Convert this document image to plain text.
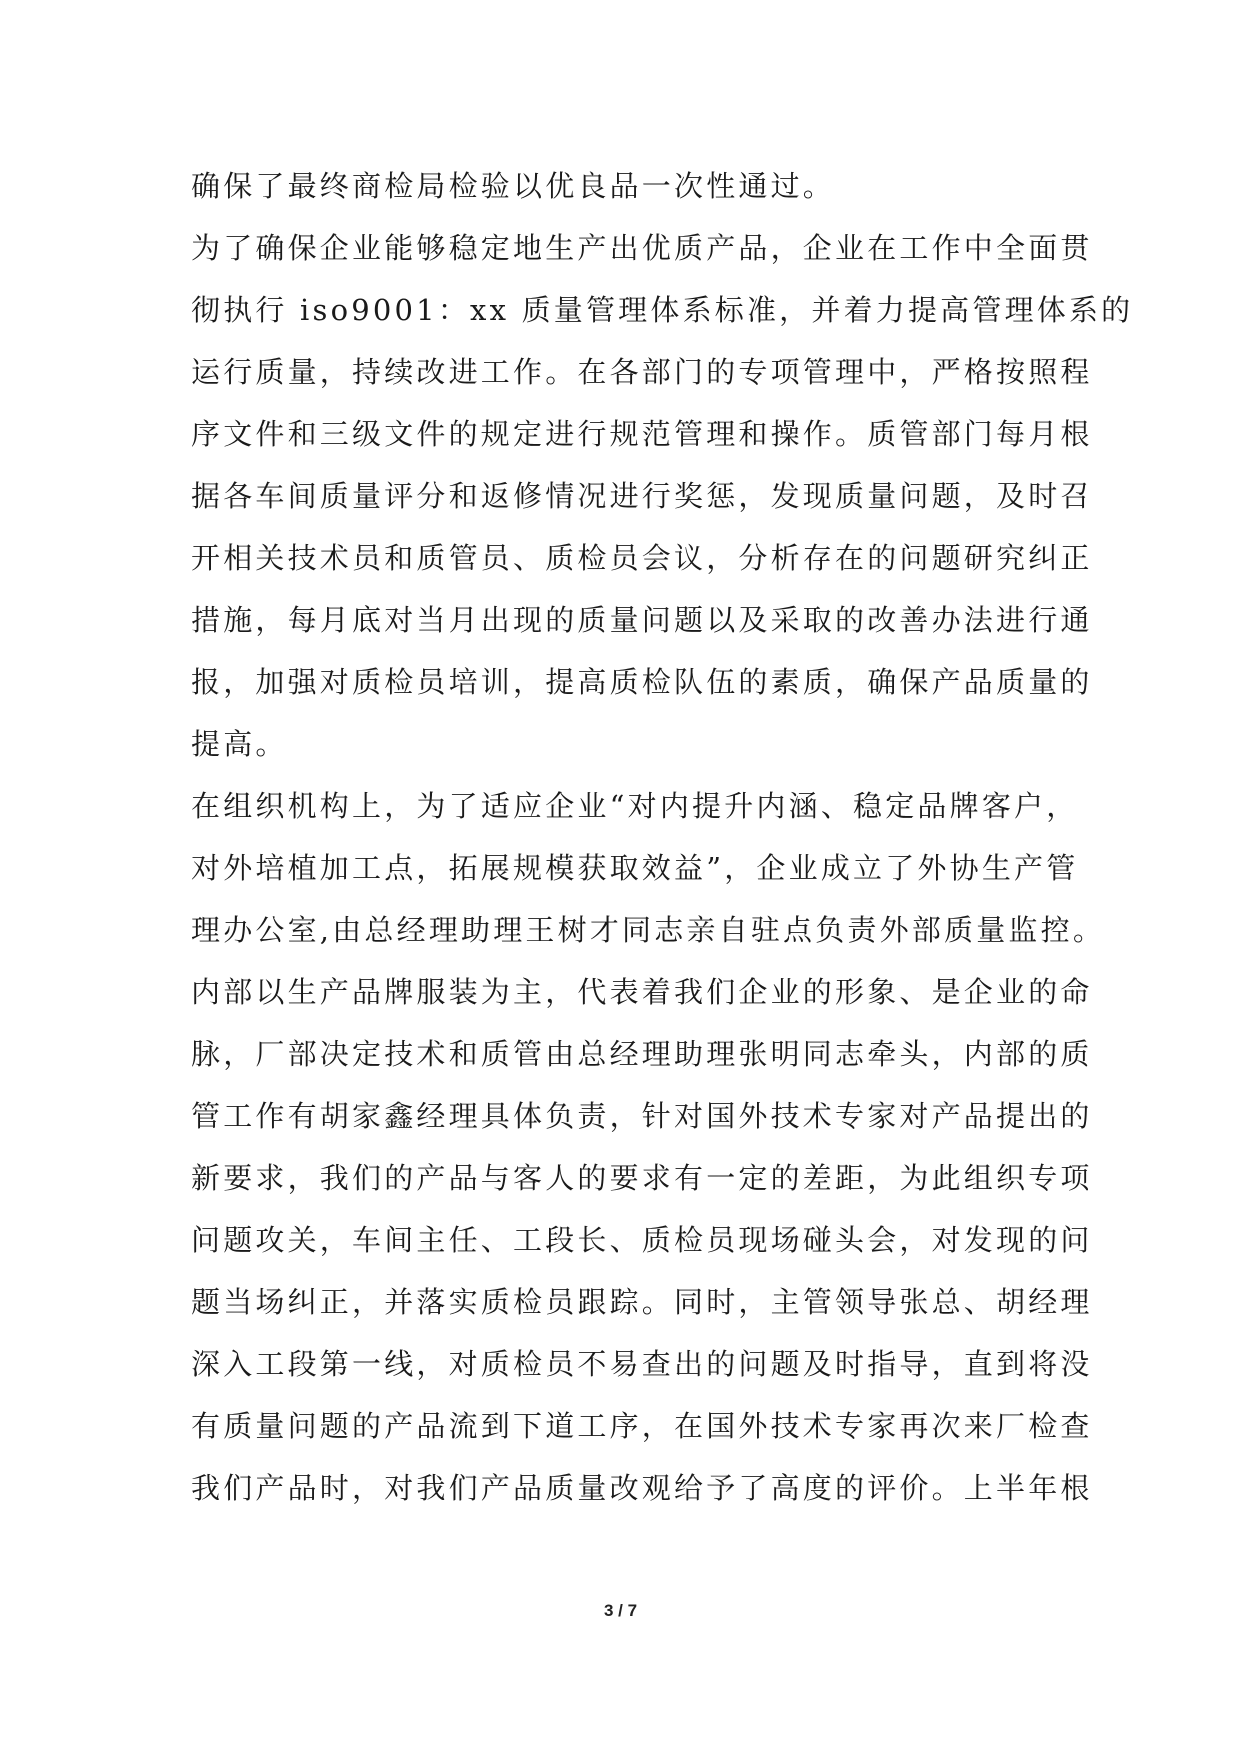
确保了最终商检局检验以优良品一次性通过。
为了确保企业能够稳定地生产出优质产品，企业在工作中全面贯
彻执行 iso9001：xx 质量管理体系标准，并着力提高管理体系的
运行质量，持续改进工作。在各部门的专项管理中，严格按照程
序文件和三级文件的规定进行规范管理和操作。质管部门每月根
据各车间质量评分和返修情况进行奖惩，发现质量问题，及时召
开相关技术员和质管员、质检员会议，分析存在的问题研究纠正
措施，每月底对当月出现的质量问题以及采取的改善办法进行通
报，加强对质检员培训，提高质检队伍的素质，确保产品质量的
提高。
在组织机构上，为了适应企业“对内提升内涵、稳定品牌客户，
对外培植加工点，拓展规模获取效益”，企业成立了外协生产管
理办公室,由总经理助理王树才同志亲自驻点负责外部质量监控。
内部以生产品牌服装为主，代表着我们企业的形象、是企业的命
脉，厂部决定技术和质管由总经理助理张明同志牵头，内部的质
管工作有胡家鑫经理具体负责，针对国外技术专家对产品提出的
新要求，我们的产品与客人的要求有一定的差距，为此组织专项
问题攻关，车间主任、工段长、质检员现场碰头会，对发现的问
题当场纠正，并落实质检员跟踪。同时，主管领导张总、胡经理
深入工段第一线，对质检员不易查出的问题及时指导，直到将没
有质量问题的产品流到下道工序，在国外技术专家再次来厂检查
我们产品时，对我们产品质量改观给予了高度的评价。上半年根
3 / 7
